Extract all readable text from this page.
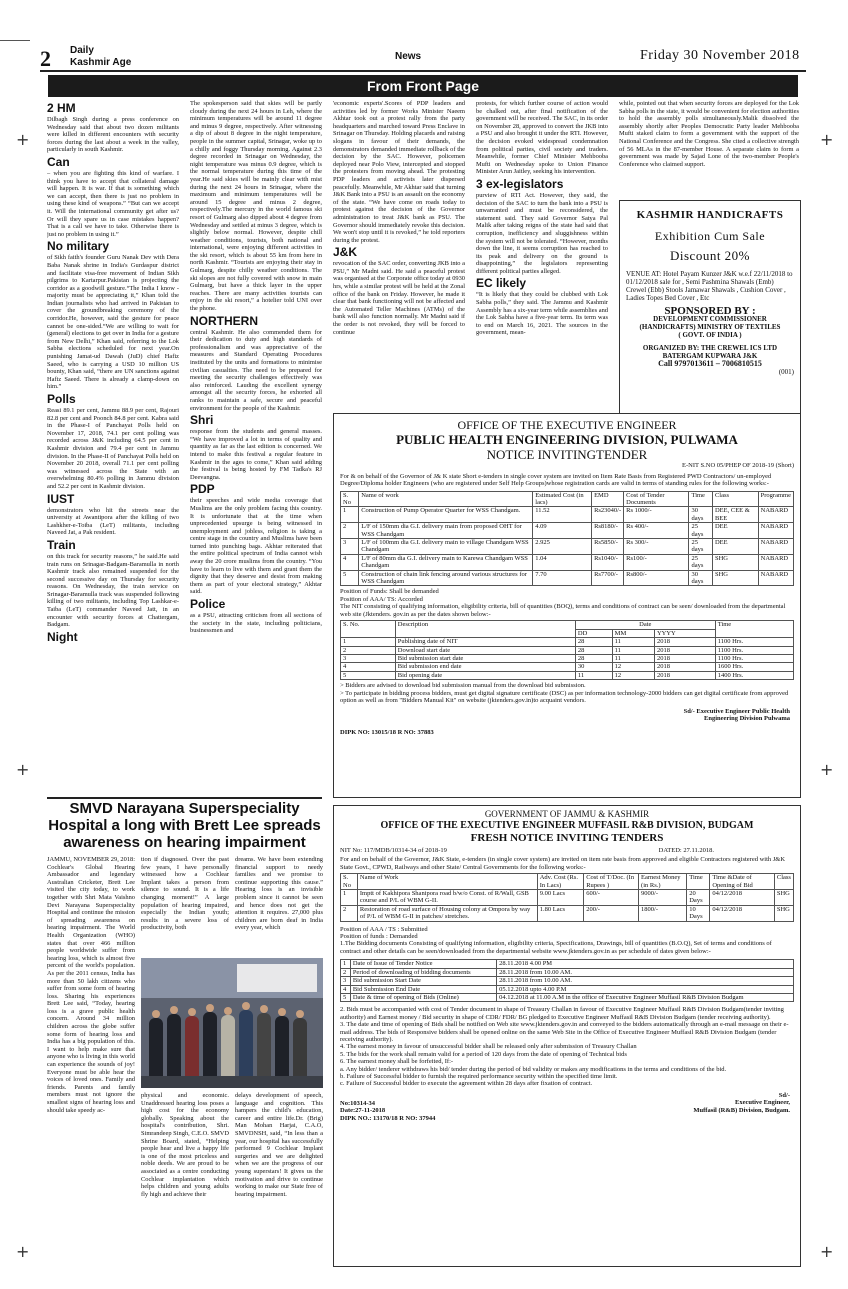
+
+
+
+
+
+
2 Daily
Kashmir Age
News	Friday 30 November 2018
From Front Page
2 HM

Dilbagh Singh during a press conference on Wednesday said that about two dozen militants were killed in different encounters with security forces during the last about a week in the valley, particularly in south Kashmir.

Can

– when you are fighting this kind of warfare. I think you have to accept that collateral damage will happen. It is war. If that is something which we can accept, then there is just no problem in using these kind of weapons.” “But can we accept it. Will the international community get after us? Or will they spare us in case mistakes happen? That is a call we have to take. Otherwise there is just no problem in using it.”

No military

of Sikh faith's founder Guru Nanak Dev with Dera Baba Nanak shrine in India's Gurdaspur district and facilitate visa-free movement of Indian Sikh pilgrims to Kartarpur.Pakistan is projecting the corridor as a goodwill gesture.“The India I know -majority must be appreciating it,” Khan told the Indian journalists who had arrived in Pakistan to cover the groundbreaking ceremony of the corridor.He, however, said the gesture for peace cannot be one-sided.“We are willing to wait for (general) elections to get over in India for a gesture from New Delhi,” Khan said, referring to the Lok Sabha elections scheduled for next year.On punishing Jamat-ud Dawah (JuD) chief Hafiz Saeed, who is carrying a USD 10 million US bounty, Khan said, “there are UN sanctions against Hafiz Saeed. There is already a clamp-down on him.”

Polls

Reasi 89.1 per cent, Jammu 88.9 per cent, Rajouri 82.8 per cent and Poonch 84.8 per cent. Kabra said in the Phase-I of Panchayat Polls held on November 17, 2018, 74.1 per cent polling was recorded across J&K including 64.5 per cent in Kashmir division and 79.4 per cent in Jammu division. In the Phase-II of Panchayat Polls held on November 20 2018, overall 71.1 per cent polling was witnessed across the State with an overwhelming 80.4% polling in Jammu division and 52.2 per cent in Kashmir division.

IUST

demonstrators who hit the streets near the university at Awantipora after the killing of two Lashkher-e-Toiba (LeT) militants, including Naveed Jat, a Pak resident.

Train

on this track for security reasons,” he said.He said train runs on Srinagar-Badgam-Baramulla in north Kashmir track also remained suspended for the second successive day on Thursday for security reasons. On Wednesday, the train service on Srinagar-Baramulla track was suspended following killing of two militants, including Top Lashkar-e-Taiba (LeT) commander Naveed Jatt, in an encounter with security forces at Chattergam, Badgam.

Night

The spokesperson said that skies will be partly cloudy during the next 24 hours in Leh, where the minimum temperatures will be around 11 degree and minus 9 degree, respectively. After witnessing a dip of about 8 degree in the night temperature, people in the summer capital, Srinagar, woke up to a chilly and foggy Thursday morning. Against 2.3 degree recorded in Srinagar on Wednesday, the night temperature was minus 0.9 degree, which is the normal temperature during this time of the year.He said skies will be mainly clear with mist during the next 24 hours in Srinagar, where the maximum and minimum temperatures will be around 15 degree and minus 2 degree, respectively.The mercury in the world famous ski resort of Gulmarg also dipped about 4 degree from Wednesday and settled at minus 3 degree, which is slightly below normal. However, despite chill weather conditions, tourists, both national and international, were enjoying different activities in the ski resort, which is about 55 km from here in north Kashmir. “Tourists are enjoying their stay in Gulmarg, despite chilly weather conditions. The ski slopes are not fully covered with snow in main Gulmarg, but have a thick layer in the upper reaches. There are many activities tourists can enjoy in the ski resort,” a hotelier told UNI over the phone.

NORTHERN

central Kashmir. He also commended them for their dedication to duty and high standards of professionalism and was appreciative of the measures and Standard Operating Procedures instituted by the units and formations to minimise civilian casualties. The need to be prepared for meeting the security challenges effectively was also reinforced. Lauding the excellent synergy amongst all the security forces, he exhorted all ranks to maintain a safe, secure and peaceful environment for the people of the Kashmir.

Shri

response from the students and general masses. “We have improved a lot in terms of quality and quantity as far as the last edition is concerned. We intend to make this festival a regular feature in Kashmir in the ages to come,” Khan said adding the festival is being hosted by FM Tadka's RJ Deevangna.

PDP

their speeches and wide media coverage that Muslims are the only problem facing this country. It is unfortunate that at the time when unprecedented upsurge is being witnessed in unemployment and jobless, religion is taking a centre stage in the country and Muslims have been turned into punching bags. Akhtar reiterated that the entire political spectrum of India cannot wish away the 20 crore muslims from the country. “You have to learn to live with them and grant them the dignity that they deserve and desist from making them as part of your electoral strategy,” Akhtar said.

Police

as a PSU, attracting criticism from all sections of the society in the state, including politicians, businessmen and

'economic experts'.Scores of PDP leaders and activities led by former Works Minister Naeem Akhtar took out a protest rally from the party headquarters and marched toward Press Enclave in Srinagar on Thursday. Holding placards and raising slogans in favour of their demands, the demonstrators demanded immediate rollback of the decision by the SAC. However, policemen deployed near Polo View, intercepted and stopped the protesters from moving ahead. The protesting PDP leaders and activists later dispersed peacefully. Meanwhile, Mr Akhtar said that turning J&K Bank into a PSU is an assault on the economy of the state. “We have come on roads today to protest against the decision of the Governor administration to treat J&K bank as PSU. The Governor should immediately revoke this decision. We won't stop until it is revoked,” he told reporters during the protest.

J&K

revocation of the SAC order, converting JKB into a PSU,” Mr Madni said. He said a peaceful protest was organised at the Corporate office today at 0930 hrs, while a similar protest will be held at the Zonal office of the bank on Friday. However, he made it clear that bank functioning will not be affected and the Automated Teller Machines (ATMs) of the bank will also function normally. Mr Madni said if the order is not revoked, they will be forced to continue

protests, for which further course of action would be chalked out, after final notification of the government will be received. The SAC, in its order on November 28, approved to convert the JKB into a PSU and also brought it under the RTI. However, the decision evoked widespread condemnation from political parties, civil society and traders. Meanwhile, former Chief Minister Mehbooba Mufti on Wednesday spoke to Union Finance Minister Arun Jaitley, seeking his intervention.

3 ex-legislators

purview of RTI Act. However, they said, the decision of the SAC to turn the bank into a PSU is unwarranted and must be reconsidered, the statement said. They said Governor Satya Pal Malik after taking reigns of the state had said that corruption, inefficiency and sluggishness within the system will not be tolerated. “However, months down the line, it seems corruption has reached to its peak and delivery on the ground is disappointing,” the legislators representing different political parties alleged.

EC likely

“It is likely that they could be clubbed with Lok Sabha polls,” they said. The Jammu and Kashmir Assembly has a six-year term while assemblies and the Lok Sabha have a five-year term. Its term was to end on March 16, 2021. The sources in the government, mean-

while, pointed out that when security forces are deployed for the Lok Sabha polls in the state, it would be convenient for election authorities to hold the assembly polls simultaneously.Malik dissolved the assembly shortly after Peoples Democratic Party leader Mehbooba Mufti staked claim to form a government with the support of the National Conference and the Congress. She cited a collective strength of 56 MLAs in the 87-member House. A separate claim to form a government was made by Sajad Lone of the two-member People's Conference who claimed support.

KASHMIR HANDICRAFTS
Exhibition Cum Sale
Discount 20%
VENUE AT: Hotel Payam Kunzer J&K w.e.f 22/11/2018 to 01/12/2018 sale for , Semi Pashmina Shawals (Emb) Crewel (Ebb) Stools Jamawar Shawals , Cushion Cover , Ladies Topes Bed Cover , Etc
SPONSORED BY :
DEVELOPMENT COMMISSIONER
(HANDICRAFTS) MINISTRY OF TEXTILES
( GOVT. OF INDIA )
ORGANIZED BY: THE CREWEL ICS LTD
BATERGAM KUPWARA J&K
Call 9797013611 – 7006810515
(001)
OFFICE OF THE EXECUTIVE ENGINEER
PUBLIC HEALTH ENGINEERING DIVISION, PULWAMA
NOTICE INVITINGTENDER
E-NIT S.NO 05/PHEP OF 2018-19 (Short)
For & on behalf of the Governor of J& K state Short e-tenders in single cover system are invited on Item Rate Basis from Registered PWD Contractors/ un-employed Degree/Diploma holder Engineers (who are registered under Self Help Groups)whose registration cards are valid in terms of standing rules for the following works:-
S. No	Name of work	Estimated Cost (in lacs)	EMD	Cost of Tender Documents	Time	Class	Programme
1	Construction of Pump Operator Quarter for WSS Chandgam.	11.52	Rs23040/-	Rs 1000/-	30 days	DEE, CEE & BEE	NABARD
2	L/F of 150mm dia G.I. delivery main from proposed OHT for WSS Chandgam	4.09	Rs8180/-	Rs 400/-	25 days	DEE	NABARD
3	L/F of 100mm dia G.I. delivery main to village Chandgam WSS Chandgam	2.925	Rs5850/-	Rs 300/-	25 days	DEE	NABARD
4	L/F of 80mm dia G.I. delivery main to Karewa Chandgam WSS Chandgam	1.04	Rs1040/-	Rs100/-	25 days	SHG	NABARD
5	Construction of chain link fencing around various structures for WSS Chandgam	7.70	Rs7700/-	Rs800/-	30 days	SHG	NABARD
Position of Funds: Shall be demanded
Position of AAA/ TS: Accorded
The NIT consisting of qualifying information, eligibility criteria, bill of quantities (BOQ), terms and conditions of contract can be seen/ downloaded from the departmental web site (Jktenders. gov.in as per the dates shown below:-
S. No.	Description	Date			Time
		DD	MM	YYYY	
1	Publishing date of NIT	28	11	2018	1100 Hrs.
2	Download start date	28	11	2018	1100 Hrs.
3	Bid submission start date	28	11	2018	1100 Hrs.
4	Bid submission end date	30	12	2018	1600 Hrs.
5	Bid opening date	11	12	2018	1400 Hrs.
> Bidders are advised to download bid submission manual from the download bid submission.
> To participate in bidding process bidders, must get digital signature certificate (DSC) as per information technology-2000 bidders can get digital certificate from approved option as well as from "Bidders Manual Kit" on website (jktenders.gov.in)to acquaint vendors.
Sd/- Executive Engineer Public Health
Engineering Division Pulwama
DIPK NO: 13015/18 R NO: 37883
SMVD Narayana Superspeciality
Hospital a long with Brett Lee spreads
awareness on hearing impairment

JAMMU, NOVEMBER 29, 2018: Cochlear's Global Hearing Ambassador and legendary Australian Cricketer, Brett Lee visited the city today, to work together with Shri Mata Vaishno Devi Narayana Superspeciality Hospital and continue the mission of spreading awareness on hearing impairment. The World Health Organization (WHO) states that over 466 million people worldwide suffer from hearing loss, which is almost five percent of the world's population. As per the 2011 census, India has more than 50 lakh citizens who suffer from some form of hearing loss. Sharing his experiences Brett Lee said, “Today, hearing loss is a grave public health concern. Around 34 million children across the globe suffer some form of hearing loss and India has a big population of this. I want to help make sure that anyone who is living in this world can experience the sounds of joy! Everyone must be able hear the voices of loved ones. Family and friends. Parents and family members must not ignore the smallest signs of hearing loss and should take speedy ac-

tion if diagnosed. Over the past few years, I have personally witnessed how a Cochlear Implant takes a person from silence to sound. It is a life changing moment!” A large population of hearing impaired, especially the Indian youth; results in a severe loss of productivity, both

dreams. We have been extending financial support to needy families and we promise to continue supporting this cause.” Hearing loss is an invisible problem since it cannot be seen and hence does not get the attention it requires. 27,000 plus children are born deaf in India every year, which

physical and economic. Unaddressed hearing loss poses a high cost for the economy globally. Speaking about the hospital's contribution, Shri. Simrandeep Singh, C.E.O. SMVD Shrine Board, stated, “Helping people hear and live a happy life is one of the most priceless and noble deeds. We are proud to be associated as a centre conducting Cochlear implantation which helps children and young adults fly high and achieve their

delays development of speech, language and cognition. This hampers the child's education, career and entire life.Dr. (Brig) Man Mohan Harjai, C.A.O, SMVDNSH, said, “In less than a year, our hospital has successfully performed 9 Cochlear Implant surgeries and we are delighted when we are the progress of our young superstars! It gives us the motivation and drive to continue working to make our State free of hearing impairment.

GOVERNMENT OF JAMMU & KASHMIR
OFFICE OF THE EXECUTIVE ENGINEER MUFFASIL R&B DIVISION, BUDGAM
FRESH NOTICE INVITING TENDERS
NIT No: 117/MDB/10314-34 of 2018-19	DATED: 27.11.2018.
For and on behalf of the Governor, J&K State, e-tenders (in single cover system) are invited on item rate basis from approved and eligible Contractors registered with J&K State Govt., CPWD, Railways and other State/ Central Governments for the following works:-
S. No	Name of Work	Adv. Cost (Rs. In Lacs)	Cost of T/Doc. (In Rupees )	Earnest Money (in Rs.)	Time	Time &Date of Opening of Bid	Class
1	Imptt of Kakhipora Shanipora road b/w/o Const. of R/Wall, GSB course and P/L of WBM G-II.	9.00 Lacs	600/-	9000/-	20 Days	04/12/2018	SHG
2	Restoration of road surface of Housing colony at Ompora by way of P/L of WBM G-II in patches/ stretches.	1.80 Lacs	200/-	1800/-	10 Days	04/12/2018	SHG
Position of AAA / TS : Submitted
Position of funds : Demanded
1.The Bidding documents Consisting of qualifying information, eligibility criteria, Specifications, Drawings, bill of quantities (B.O.Q), Set of terms and conditions of contract and other details can be seen/downloaded from the departmental website www.jktenders.gov.in as per schedule of dates given below:-
1	Date of Issue of Tender Notice	28.11.2018 4.00 PM
2	Period of downloading of bidding documents	28.11.2018 from 10.00 AM.
3	Bid submission Start Date	28.11.2018 from 10.00 AM.
4	Bid Submission End Date	05.12.2018 upto 4.00 P.M
5	Date & time of opening of Bids (Online)	04.12.2018 at 11.00 A.M in the office of Executive Engineer Muffasil R&B Division Budgam
2. Bids must be accompanied with cost of Tender document in shape of Treasury Challan in favour of Executive Engineer Muffasil R&B Division Budgam(tender inviting authority) and Earnest money / Bid security in shape of CDR/ FDR/ BG pledged to Executive Engineer Muffasil R&B Division Budgam (tender receiving authority).
3. The date and time of opening of Bids shall be notified on Web site www.jktenders.gov.in and conveyed to the bidders automatically through an e-mail message on their e-mail address. The bids of Responsive bidders shall be opened online on the same Web Site in the Office of Executive Engineer Muffasil R&B Division Budgam (tender receiving authority).
4. The earnest money in favour of unsuccessful bidder shall be released only after submission of Treasury Challan
5. The bids for the work shall remain valid for a period of 120 days from the date of opening of Technical bids
6. The earnest money shall be forfeited, If:-
a. Any bidder/ tenderer withdraws his bid/ tender during the period of bid validity or makes any modifications in the terms and conditions of the bid.
b. Failure of Successful bidder to furnish the required performance security within the specified time limit.
c. Failure of Successful bidder to execute the agreement within 28 days after fixation of contract.
Sd/-
Executive Engineer,
Muffasil (R&B) Division, Budgam.
No:10314-34
Date:27-11-2018
DIPK NO.: 13170/18 R NO: 37944
